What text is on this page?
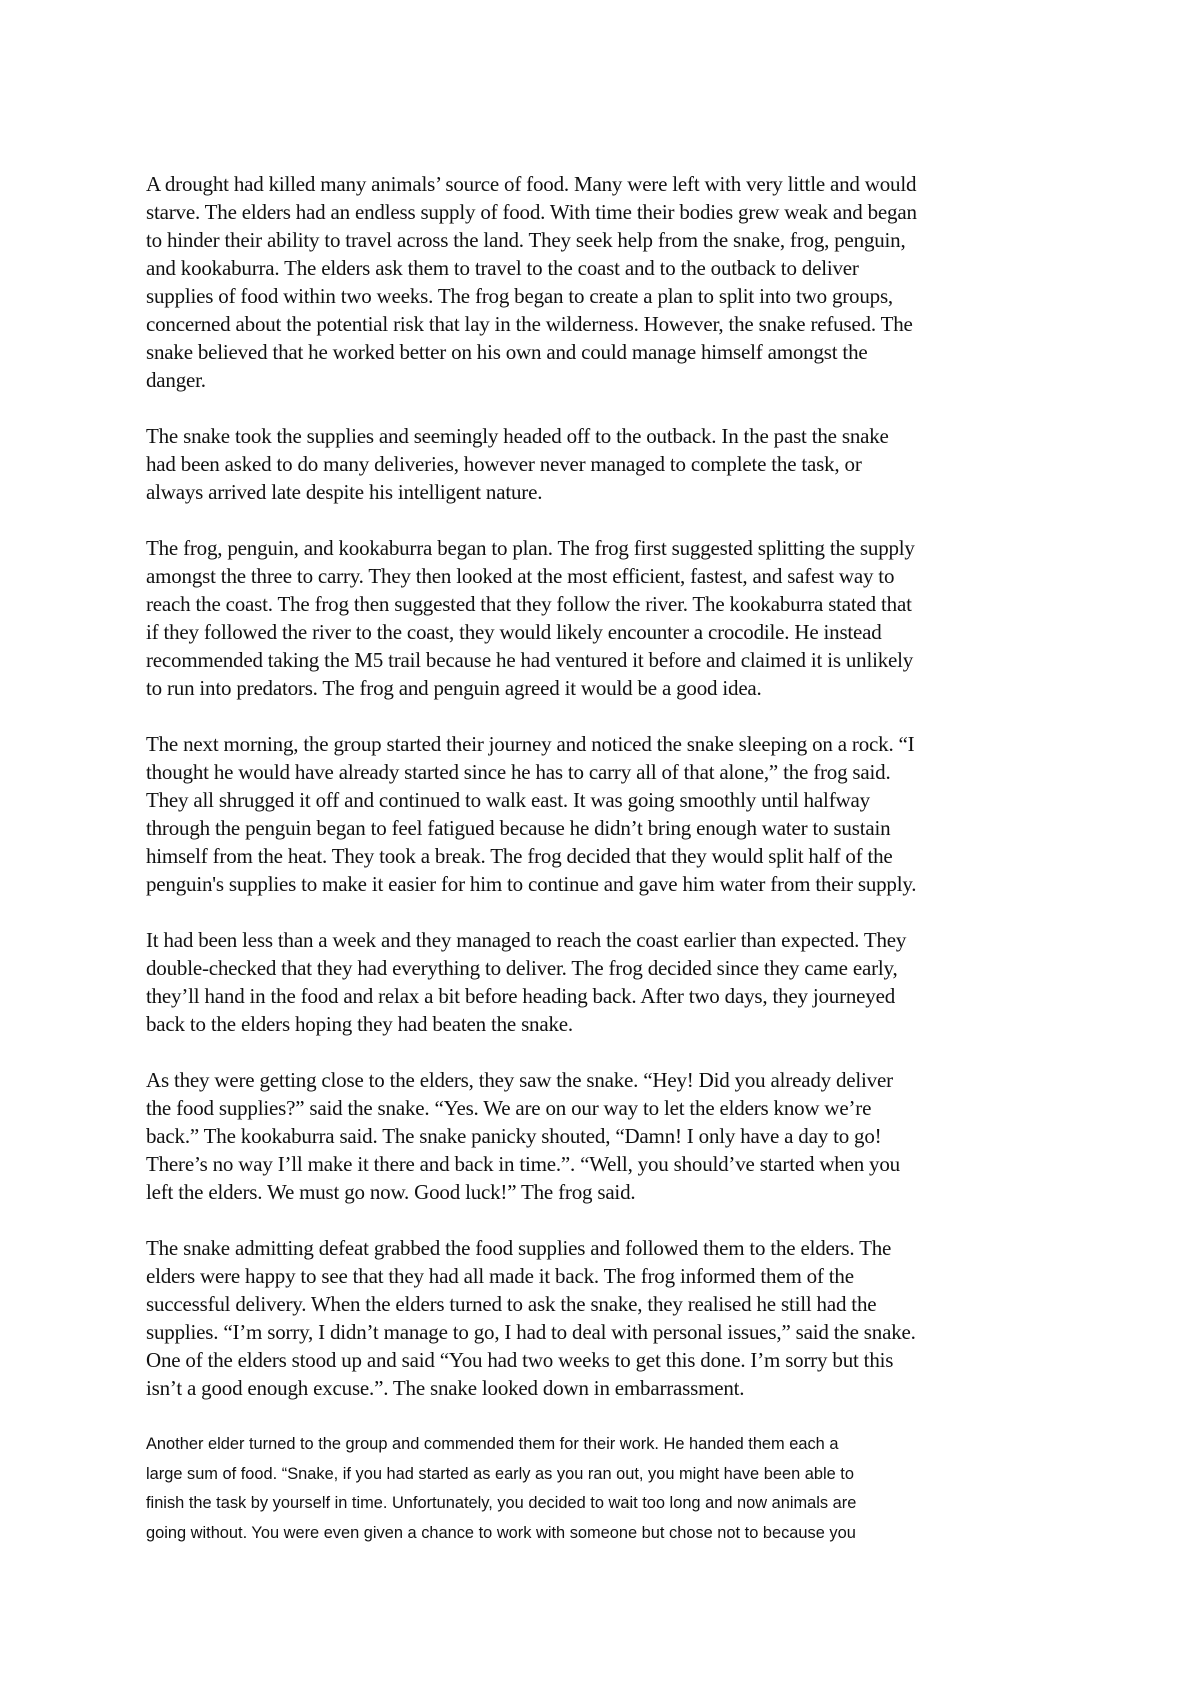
A drought had killed many animals’ source of food. Many were left with very little and would
starve. The elders had an endless supply of food. With time their bodies grew weak and began
to hinder their ability to travel across the land. They seek help from the snake, frog, penguin,
and kookaburra. The elders ask them to travel to the coast and to the outback to deliver
supplies of food within two weeks. The frog began to create a plan to split into two groups,
concerned about the potential risk that lay in the wilderness. However, the snake refused. The
snake believed that he worked better on his own and could manage himself amongst the
danger.

The snake took the supplies and seemingly headed off to the outback. In the past the snake
had been asked to do many deliveries, however never managed to complete the task, or
always arrived late despite his intelligent nature.

The frog, penguin, and kookaburra began to plan. The frog first suggested splitting the supply
amongst the three to carry. They then looked at the most efficient, fastest, and safest way to
reach the coast. The frog then suggested that they follow the river. The kookaburra stated that
if they followed the river to the coast, they would likely encounter a crocodile. He instead
recommended taking the M5 trail because he had ventured it before and claimed it is unlikely
to run into predators. The frog and penguin agreed it would be a good idea.

The next morning, the group started their journey and noticed the snake sleeping on a rock. “I
thought he would have already started since he has to carry all of that alone,” the frog said.
They all shrugged it off and continued to walk east. It was going smoothly until halfway
through the penguin began to feel fatigued because he didn’t bring enough water to sustain
himself from the heat. They took a break. The frog decided that they would split half of the
penguin's supplies to make it easier for him to continue and gave him water from their supply.

It had been less than a week and they managed to reach the coast earlier than expected. They
double-checked that they had everything to deliver. The frog decided since they came early,
they’ll hand in the food and relax a bit before heading back. After two days, they journeyed
back to the elders hoping they had beaten the snake.

As they were getting close to the elders, they saw the snake. “Hey! Did you already deliver
the food supplies?” said the snake. “Yes. We are on our way to let the elders know we’re
back.” The kookaburra said. The snake panicky shouted, “Damn! I only have a day to go!
There’s no way I’ll make it there and back in time.”. “Well, you should’ve started when you
left the elders. We must go now. Good luck!” The frog said.

The snake admitting defeat grabbed the food supplies and followed them to the elders. The
elders were happy to see that they had all made it back. The frog informed them of the
successful delivery. When the elders turned to ask the snake, they realised he still had the
supplies. “I’m sorry, I didn’t manage to go, I had to deal with personal issues,” said the snake.
One of the elders stood up and said “You had two weeks to get this done. I’m sorry but this
isn’t a good enough excuse.”. The snake looked down in embarrassment.

Another elder turned to the group and commended them for their work. He handed them each a
large sum of food. “Snake, if you had started as early as you ran out, you might have been able to
finish the task by yourself in time. Unfortunately, you decided to wait too long and now animals are
going without. You were even given a chance to work with someone but chose not to because you
